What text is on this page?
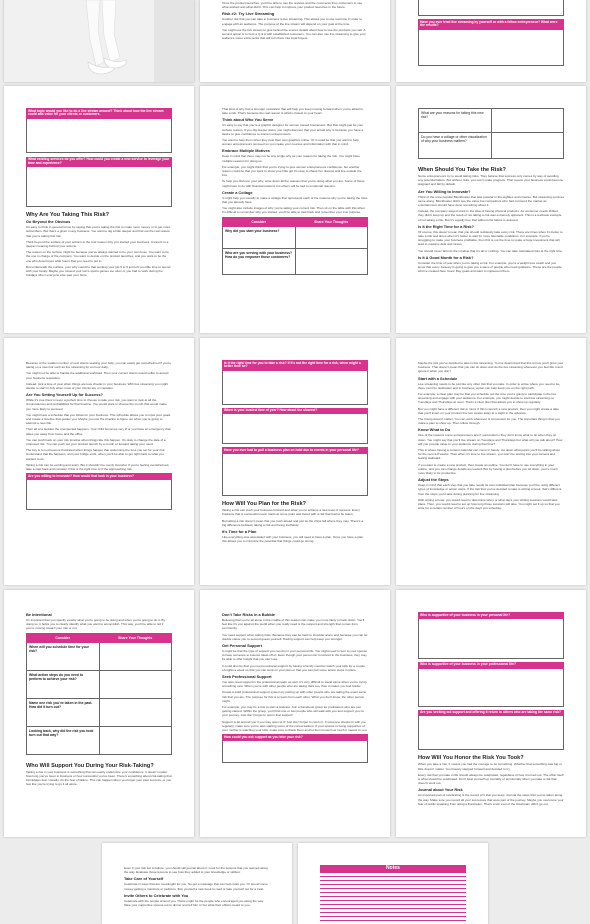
Once the product launches, you'll be able to use the reviews and the comments from customers to see what worked and what didn't. This can help to improve your product launches in the future.

Risk #2: Try Live Streaming

Another risk that you can take in business is live streaming. This allows you to use real time in order to engage with an audience. The purpose of the live stream will depend on your goal at the time.

You might use the live stream to give behind the scenes details about how to use the products you sell. A second option is to host a Q & A with established customers. You can also use live streaming to give your audience some extra perks that will turn them into loyal buyers.

Have you ever tried live streaming by yourself or with a fellow entrepreneur? What were the results?
What topic would you like to do a live stream around? Think about how the live stream could add value for your clients or customers.
What existing services do you offer? How could you create a new service to leverage your time and experience?
Why Are You Taking This Risk?
Go Beyond the Obvious

It's easy to think in general terms by saying that you're taking the risk to make more money or to get more subscribers. But that's a given in any business. You want to dig a little deeper and find out the real reason that you're taking this risk.

Think beyond the surface of your actions to the real reason why you started your business. Connect to a deeper meaning behind your actions.

The reason on the surface might be because you've always wanted to be your own boss. You want to be the one in charge of the company. You want to decide on the product launches, and you want to be the one who determines what hours that you need to put in.

But underneath the surface, your why could be that working your job 9 to 5 just left you little time to spend with your family. Maybe you missed your son's sports games too often or you had to work during the holidays when everyone else was your boss.

That kind of why has a stronger motivation that will help you keep moving forward when you're afraid to take a risk. That's because the real reason is what's closest to your heart.

Think about Who You Serve

It's easy to say that you're a graphic designer for women owned businesses. But that might just be your surface reason. If you dig deeper down, you might discover that your actual why is because you have a desire to give confidence to women entrepreneurs.

You want to help them when they post their own graphics online. Or it could be that you want to help women entrepreneurs succeed so you create your courses and information with that in mind.

Embrace Multiple Motives

Keep in mind that there may not be any single why as your reason for taking the risk. You might have multiple reasons for doing so.

For example, you might think that you're trying to give women entrepreneurs confidence, but another reason could be that you want to show your little girl it's okay to chase her dreams and live outside the box.

To help you discover your why, write down all the reasons that you're doing what you are. Some of these might have to do with financial reasons but others will be tied to emotional reasons.

Create a Collage

It might help you visually to make a collage that represents each of the reasons why you're taking the risks that you already have.

You might also include images of why you're taking your current risk. Then sit on the table with this when it's difficult to remember why you started, you'll be able to look back and remember your true purpose.

Consider	Share Your Thoughts
Why did you start your business?	
Who are you serving with your business? How do you empower those customers?	
What are your reasons for taking this new risk?	
Do you have a collage or other visualization of why your business matters?	
When Should You Take the Risk?

Some entrepreneurs try to avoid taking risks. They believe that success only comes by way of avoiding any potential failure. But without risks, you won't make progress. That means your business could become stagnant and fall by default.

Are You Willing to Innovate?

Think of the once popular Blockbuster that was popular in the eighties and nineties. But streaming services came along. Blockbuster didn't see the value but competitors who had cornered the market as entertainment should have done something about it.

Instead, the company stayed stuck in the idea of having physical products. As consumer needs shifted, they didn't keep up and the result of not taking a risk was extremely apparent. This is a textbook example of not taking a risk. But it's equally true that without risk failure is assured.

Is It the Right Time for a Risk?

Of course, this doesn't mean that you should recklessly take every risk. There are times when it's better to take a risk and times when it's better to wait for more favorable conditions. For example, if you're struggling to make your business profitable, then this is not the time to make a huge investment that will lead to massive debt and stress.

You should never fall into the mindset that it's all or nothing. You can take calculated risks at the right time.

Is It A Good Month for a Risk?

Consider the time of year when you're taking a risk. For example, you're a weight loss coach and you know that every January is going to give you a wave of people who need guidance. These are the people who've created New Years' Day goals and want to implement them.

Because of the sudden number of new clients seeking your help, you can easily get overwhelmed if you're taking on a new risk such as live streaming for an hour daily.

You might not be able to handle the additional workload. Then your current clients would suffer to accept your business reputation.

Instead, pick a time of year when things are less chaotic in your business. With live streaming you might decide to start in July when most of your clients are on vacation.

Are You Setting Yourself Up for Success?

While it's true there's never a perfect time to choose to take your risk, you want to look at all the circumstances and probabilities for that timeline. You would want to choose the month that would make you more likely to succeed.

You might have a schedule that you follow for your business. This schedule allows you to input your goals and create a timeline that guides you. Maybe you use the timeline to figure out when you're going to attempt a new risk.

Then all of a sudden the unexpected happens. Your child becomes very ill or you have an emergency that takes you away from home and the office.

You can push back on your risk timeline when things like this happen. It's okay to change the date of a proposed risk. You can push out your product launch by a month or forward taking your need.

The key is to not become frustrated when things happen that undermine the time you set for your risk. Understand that life happens, and your bridge ends, when you'll be able to get right back to what you wanted to do.

Taking a risk can be exciting and scary. But it shouldn't be overly stressful. If you're feeling overwhelmed, take a step back and consider if this is the right time or if the approaching risk.

Are you willing to innovate? How would that look in your business?
Is it the right time for you to take a risk? If it's not the right time for a risk, when might a better time be?
When is your busiest time of year? How about the slowest?
Have you ever had to pull a business plan on hold due to events in your personal life?
How Will You Plan for the Risk?

Taking a risk can push your business forward and allow you to achieve a new level of success. Every business that is successful never starts at some point was faced with a risk that had to be taken.

But taking a risk doesn't mean that you push ahead and just let the chips fall where they may. There's a big difference between taking a risk and being foolhardy.

It's Time for a Plan

Like everything else associated with your business, you will need to have a plan. Once you have a plan, this allows you to minimize the potential that things could go wrong.

Maybe the risk you've decided to take is live streaming. You've determined that this is how you'll grow your business. That doesn't mean that you can sit down and do the live streaming whenever you feel like it and ignore it when you don't.

Start with a Schedule

Live streaming needs to be just like any other risk that you take. In order to arrive where you need to be, there must be dedication and in business, a plan can help keep you on the right path.

For example, a clear plan may be that you schedule out the time you're going to participate in the live streaming and engage with your audience. For example, you might decide to start live streaming on Tuesdays and Thursdays at noon. That's a clear plan that allows you to show up regularly.

But you might have a different risk in mind. If this is launch a new product, then you might create a date that you'll insert on your product line two weeks away at a slight in the advance.

The timing doesn't matter. You can work whenever is convenient for you. The important thing is that you make a plan to show up. Then follow through.

Know What to Do

One of the reasons some entrepreneurs aren't successful is they don't know what to do when they sit down. You might say that you'll live stream on Tuesdays and Thursdays but what will you talk about? How will you provide value to your audience during that time?

This is where having a content calendar can come in handy. Jot down what topics you'll be talking about for the next 4-8 weeks. Then when it's time to live stream, you won't be staring into your camera and feeling awkward.

If you want to create a new product, then create an outline. You don't have to use everything in your outline, and you can change details as needed. But by having a plan before you sit down, you're much more likely to be productive.

Adjust the Steps

Keep in mind that each step that you take needs its own individual plan because you'll be using different types of knowledge or action steps. If the risk that you've decided to take is writing a book, that's different from the steps you'd take during planning for live streaming.

With writing a book, you would need to determine when or what days your writing sessions would take place. Then, you would need to set up how long those sessions will take. You might set it up so that you write for a certain number of hours on the days you schedule.

Be Intentional

It's important that you specify exactly what you're going to be doing and when you're going to do it. By doing so, it helps you to clearly identify what you want to accomplish. This way, you'll be able to tell if you're moving toward your risk or not.

Consider	Share Your Thoughts
When will you schedule time for your risk?	
What action steps do you need to perform to achieve your risk?	
Name one risk you've taken in the past. How did it turn out?	
Looking back, why did the risk you took turn out that way?	
Who Will Support You During Your Risk-Taking?

Taking a risk in your business is something that can easily undermine your confidence. It doesn't matter how long you've been in business or how successful you've been. There's something about risk-taking that intimidates fear. Usually, it's the fear of failure. This can happen when you forget your past success, or you feel like you're trying to go it all alone.

Don't Take Risks in a Bubble

Believing that you're all alone in the middle of this season can make you more likely to back down. You'll feel like it's you against the world when you really need is the support and strength that comes from community.

You need support when taking risks. Because they can be hard to shoulder alone and because you can let doubts cause you to second guess yourself. Having support can help keep you stronger.

Get Personal Support

It might be that the type of support you need is in your personal life. You might need to turn to your spouse to have someone to bounce ideas off of. Even though your person isn't involved in the business, they may be able to offer insight that you can't see.

It could also be that you need emotional support by having a family member watch your kids for a couple of nights a week so that you can work on your plan or that you can pull some action steps in place.

Seek Professional Support

You also need support in the professional realm as well. It's very difficult to stand alone when you're trying something new. When you're with other people who are taking risks too, then it makes you feel bolder.

Create a solid professional support system by pairing up with other people who are taking the exact same risk that you are. The purpose for this is to learn from each other. What you don't know, the other person might.

For example, you may be a risk to start a podcast. Join a Facebook group for podcasters who are just getting started. Within the group, you'll find one or two people who will walk with you and support you on your journey. Just don't forget to return that support!

Support is all around you if you stay open to it! Just don't forget to return it. If someone checks in with you regularly, make sure you're also starting some of the conversations. If your spouse is being supportive of your mother is watching your kids, make sure to thank them and let them know how much it means to you.

How could you ask support as you take your risk?
Who is supportive of your business in your personal life?
Who is supportive of your business in your professional life?
Are you seeking out support and offering it return to others who are taking the same risk?
How Will You Honor the Risk You Took?

When you take a risk, it means you had the courage to do something. Whether that something was big or little doesn't matter. You bravely stepped forward and decided to try.

Every risk that you take in life should always be celebrated, regardless of how it turned out. The effort itself is what should be celebrated. Don't beat yourself up mentally or emotionally when you take a risk that doesn't work out.

Journal about Your Risk

An important part of celebrating is the record of it that you keep. Journal the steps that you've taken along the way. Make sure you record all your successes that were part of the journey. Maybe you overcome your fear of public speaking from doing a livestream. That's a win even if the livestream didn't go out.

Even if your risk led to failure, you should still journal about it. Look for the lessons that you learned along the way. Evaluate those lessons to see how they added to your knowledge or skillset.

Take Care of Yourself

Celebrate in ways that are meaningful for you. So get a massage that can help relax you. Or spend some money getting a manicure or pedicure. Buy yourself a new book to read or take yourself out for a treat.

Invite Others to Celebrate with You

Celebrate with the people around you. These might be the people who encouraged you along the way. Take your supportive spouse out to dinner and tell him or her what their efforts meant to you.

Notes
